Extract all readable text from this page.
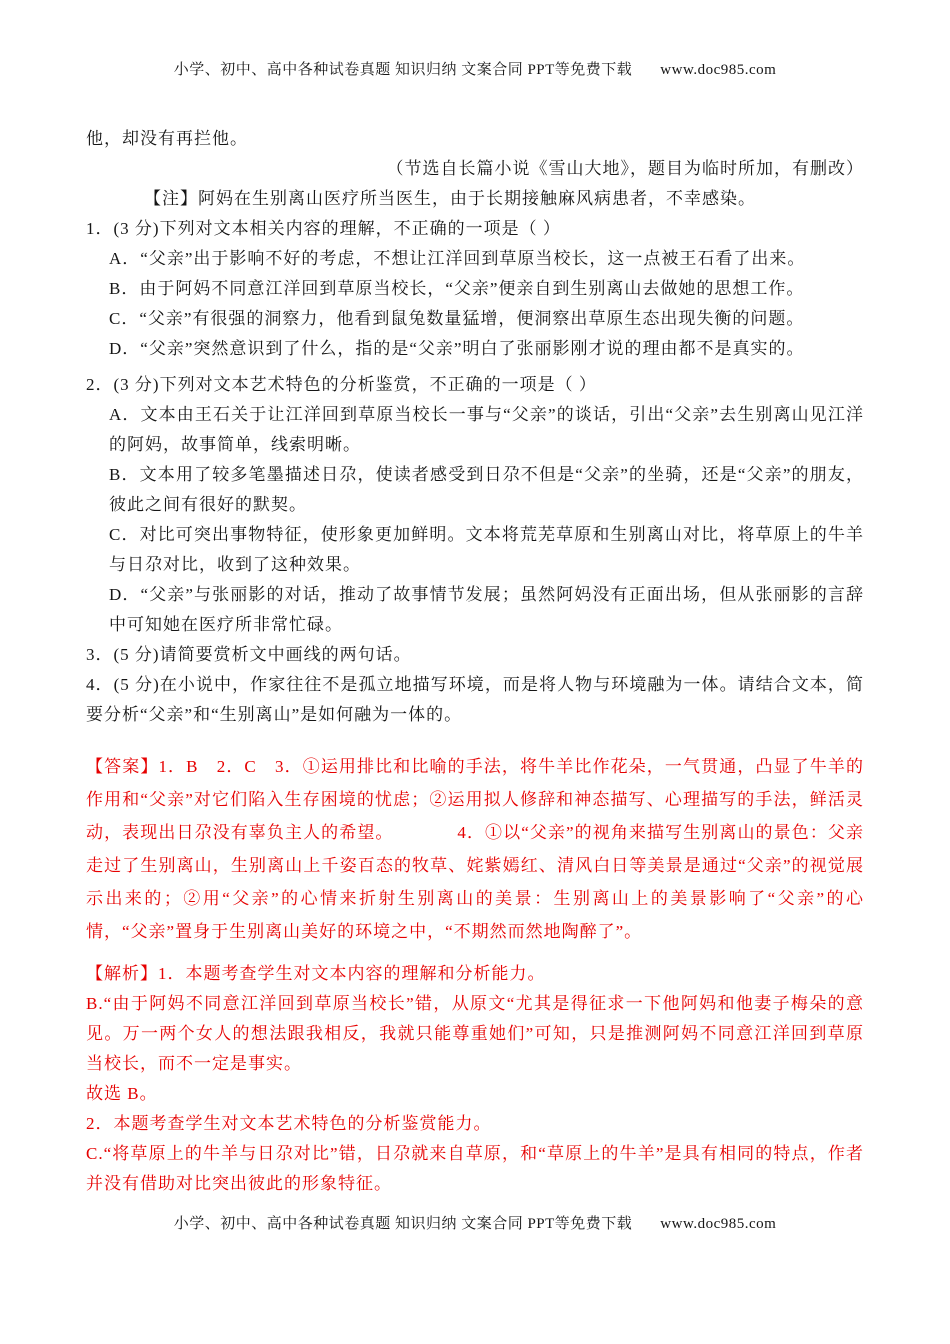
小学、初中、高中各种试卷真题 知识归纳 文案合同 PPT等免费下载 www.doc985.com

他，却没有再拦他。

（节选自长篇小说《雪山大地》，题目为临时所加，有删改）

【注】阿妈在生别离山医疗所当医生，由于长期接触麻风病患者，不幸感染。

1．(3 分)下列对文本相关内容的理解，不正确的一项是（ ）

A．“父亲”出于影响不好的考虑，不想让江洋回到草原当校长，这一点被王石看了出来。

B．由于阿妈不同意江洋回到草原当校长，“父亲”便亲自到生别离山去做她的思想工作。

C．“父亲”有很强的洞察力，他看到鼠兔数量猛增，便洞察出草原生态出现失衡的问题。

D．“父亲”突然意识到了什么，指的是“父亲”明白了张丽影刚才说的理由都不是真实的。

2．(3 分)下列对文本艺术特色的分析鉴赏，不正确的一项是（ ）

A．文本由王石关于让江洋回到草原当校长一事与“父亲”的谈话，引出“父亲”去生别离山见江洋的阿妈，故事简单，线索明晰。

B．文本用了较多笔墨描述日尕，使读者感受到日尕不但是“父亲”的坐骑，还是“父亲”的朋友，彼此之间有很好的默契。

C．对比可突出事物特征，使形象更加鲜明。文本将荒芜草原和生别离山对比，将草原上的牛羊与日尕对比，收到了这种效果。

D．“父亲”与张丽影的对话，推动了故事情节发展；虽然阿妈没有正面出场，但从张丽影的言辞中可知她在医疗所非常忙碌。

3．(5 分)请简要赏析文中画线的两句话。

4．(5 分)在小说中，作家往往不是孤立地描写环境，而是将人物与环境融为一体。请结合文本，简要分析“父亲”和“生别离山”是如何融为一体的。

【答案】1．B　2．C　3．①运用排比和比喻的手法，将牛羊比作花朵，一气贯通，凸显了牛羊的作用和“父亲”对它们陷入生存困境的忧虑；②运用拟人修辞和神态描写、心理描写的手法，鲜活灵动，表现出日尕没有辜负主人的希望。　　　　4．①以“父亲”的视角来描写生别离山的景色：父亲走过了生别离山，生别离山上千姿百态的牧草、姹紫嫣红、清风白日等美景是通过“父亲”的视觉展示出来的；②用“父亲”的心情来折射生别离山的美景：生别离山上的美景影响了“父亲”的心情，“父亲”置身于生别离山美好的环境之中，“不期然而然地陶醉了”。

【解析】1．本题考查学生对文本内容的理解和分析能力。

B.“由于阿妈不同意江洋回到草原当校长”错，从原文“尤其是得征求一下他阿妈和他妻子梅朵的意见。万一两个女人的想法跟我相反，我就只能尊重她们”可知，只是推测阿妈不同意江洋回到草原当校长，而不一定是事实。

故选 B。

2．本题考查学生对文本艺术特色的分析鉴赏能力。

C.“将草原上的牛羊与日尕对比”错，日尕就来自草原，和“草原上的牛羊”是具有相同的特点，作者并没有借助对比突出彼此的形象特征。

小学、初中、高中各种试卷真题 知识归纳 文案合同 PPT等免费下载 www.doc985.com
